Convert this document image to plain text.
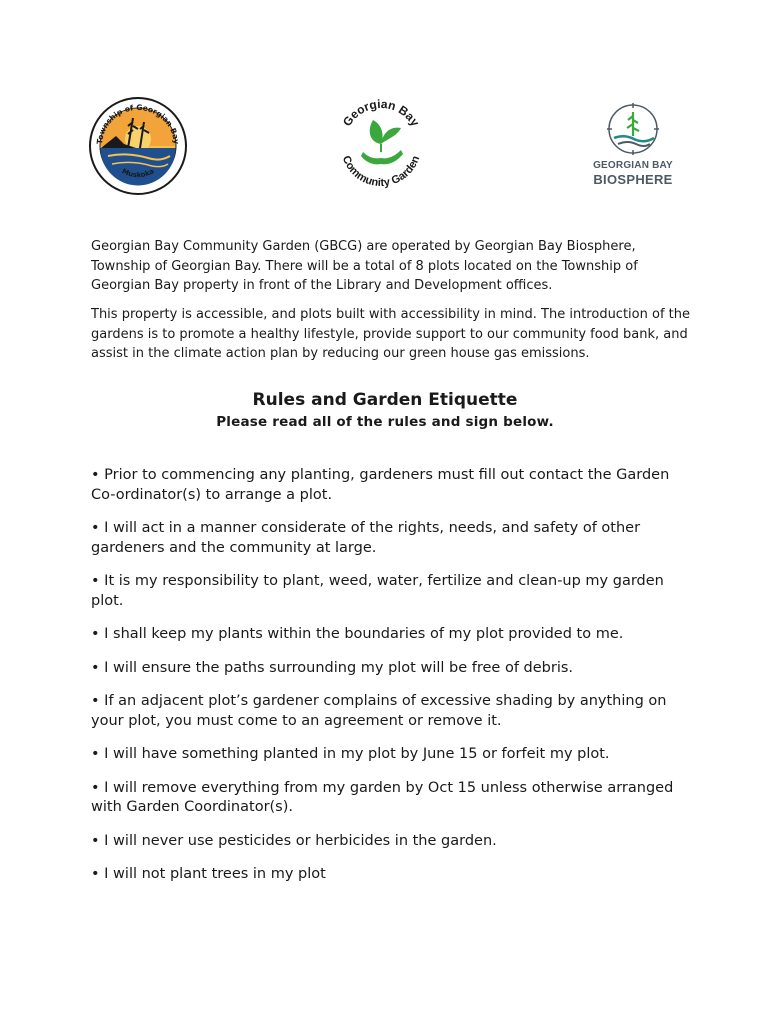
Township of Georgian Bay
Muskoka
Georgian Bay
Community Garden
GEORGIAN BAY
BIOSPHERE

Georgian Bay Community Garden (GBCG) are operated by Georgian Bay Biosphere, Township of Georgian Bay. There will be a total of 8 plots located on the Township of Georgian Bay property in front of the Library and Development offices.

This property is accessible, and plots built with accessibility in mind. The introduction of the gardens is to promote a healthy lifestyle, provide support to our community food bank, and assist in the climate action plan by reducing our green house gas emissions.

Rules and Garden Etiquette
Please read all of the rules and sign below.
• Prior to commencing any planting, gardeners must fill out contact the Garden Co-ordinator(s) to arrange a plot.
• I will act in a manner considerate of the rights, needs, and safety of other gardeners and the community at large.
• It is my responsibility to plant, weed, water, fertilize and clean-up my garden plot.
• I shall keep my plants within the boundaries of my plot provided to me.
• I will ensure the paths surrounding my plot will be free of debris.
• If an adjacent plot’s gardener complains of excessive shading by anything on your plot, you must come to an agreement or remove it.
• I will have something planted in my plot by June 15 or forfeit my plot.
• I will remove everything from my garden by Oct 15 unless otherwise arranged with Garden Coordinator(s).
• I will never use pesticides or herbicides in the garden.
• I will not plant trees in my plot
